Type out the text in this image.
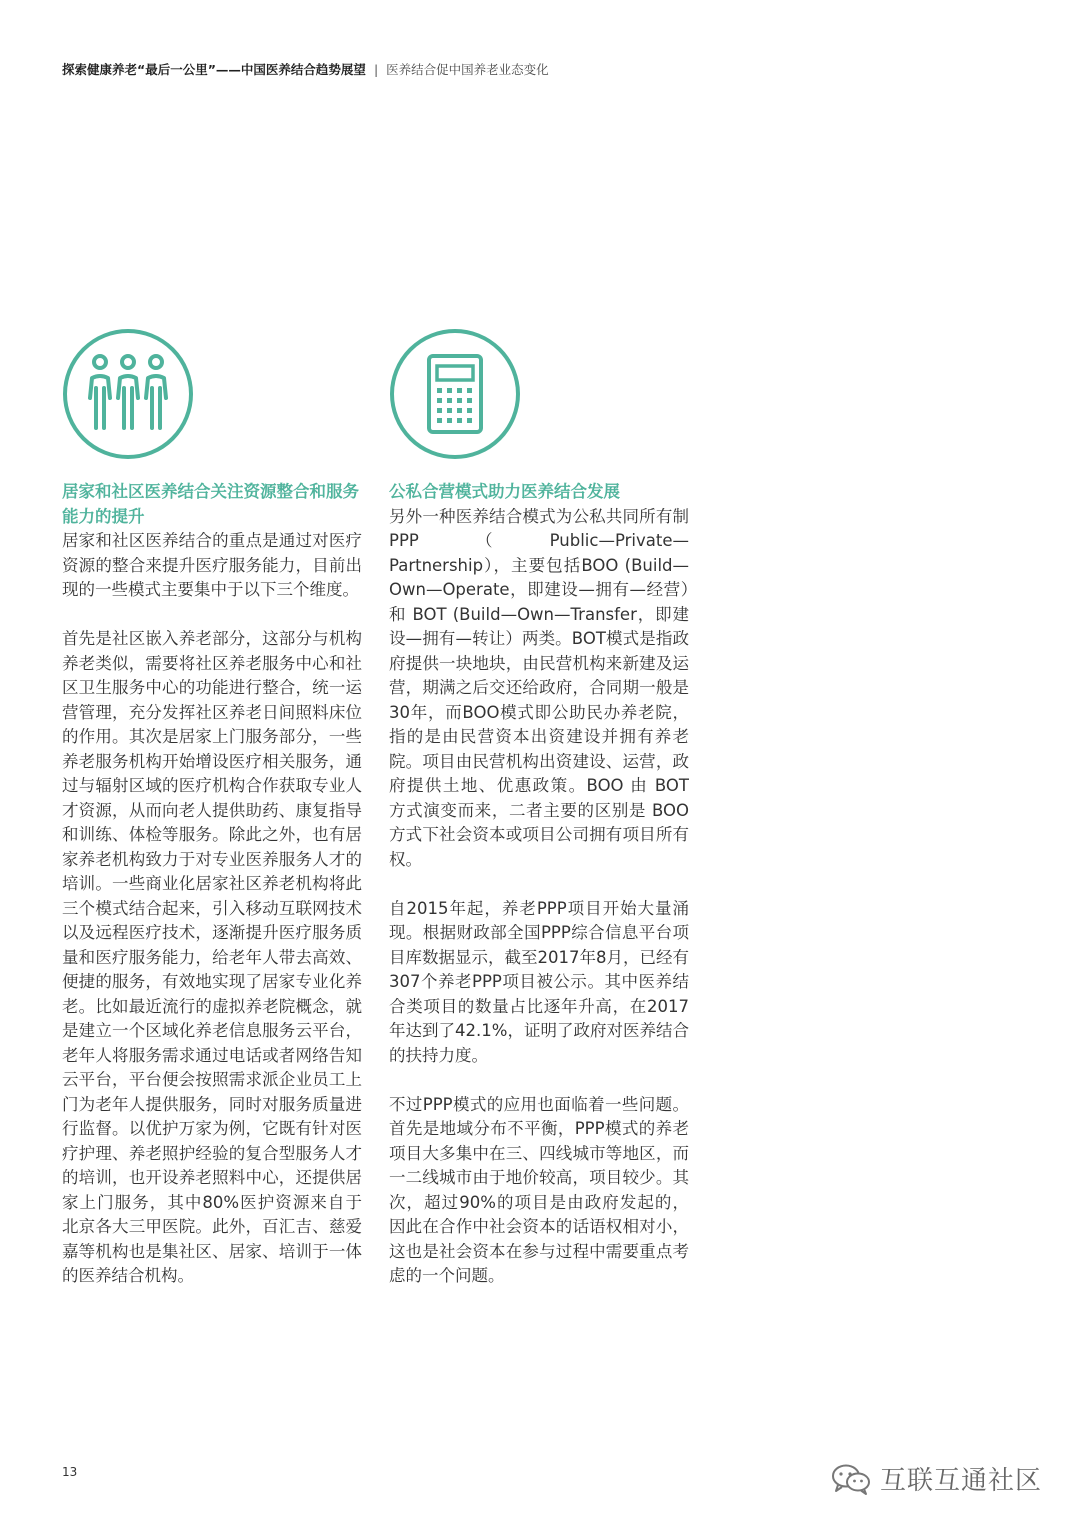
探索健康养老“最后一公里”——中国医养结合趋势展望 | 医养结合促中国养老业态变化
居家和社区医养结合关注资源整合和服务能力的提升

居家和社区医养结合的重点是通过对医疗资源的整合来提升医疗服务能力，目前出现的一些模式主要集中于以下三个维度。

首先是社区嵌入养老部分，这部分与机构养老类似，需要将社区养老服务中心和社区卫生服务中心的功能进行整合，统一运营管理，充分发挥社区养老日间照料床位的作用。其次是居家上门服务部分，一些养老服务机构开始增设医疗相关服务，通过与辐射区域的医疗机构合作获取专业人才资源，从而向老人提供助药、康复指导和训练、体检等服务。除此之外，也有居家养老机构致力于对专业医养服务人才的培训。一些商业化居家社区养老机构将此三个模式结合起来，引入移动互联网技术以及远程医疗技术，逐渐提升医疗服务质量和医疗服务能力，给老年人带去高效、便捷的服务，有效地实现了居家专业化养老。比如最近流行的虚拟养老院概念，就是建立一个区域化养老信息服务云平台，老年人将服务需求通过电话或者网络告知云平台，平台便会按照需求派企业员工上门为老年人提供服务，同时对服务质量进行监督。以优护万家为例，它既有针对医疗护理、养老照护经验的复合型服务人才的培训，也开设养老照料中心，还提供居家上门服务，其中80%医护资源来自于北京各大三甲医院。此外，百汇吉、慈爱嘉等机构也是集社区、居家、培训于一体的医养结合机构。

公私合营模式助力医养结合发展

另外一种医养结合模式为公私共同所有制PPP（Public—Private—Partnership），主要包括BOO (Build—Own—Operate，即建设—拥有—经营）和 BOT (Build—Own—Transfer，即建设—拥有—转让）两类。BOT模式是指政府提供一块地块，由民营机构来新建及运营，期满之后交还给政府，合同期一般是30年，而BOO模式即公助民办养老院，指的是由民营资本出资建设并拥有养老院。项目由民营机构出资建设、运营，政府提供土地、优惠政策。BOO 由 BOT 方式演变而来，二者主要的区别是 BOO 方式下社会资本或项目公司拥有项目所有权。

自2015年起，养老PPP项目开始大量涌现。根据财政部全国PPP综合信息平台项目库数据显示，截至2017年8月，已经有307个养老PPP项目被公示。其中医养结合类项目的数量占比逐年升高，在2017年达到了42.1%，证明了政府对医养结合的扶持力度。

不过PPP模式的应用也面临着一些问题。首先是地域分布不平衡，PPP模式的养老项目大多集中在三、四线城市等地区，而一二线城市由于地价较高，项目较少。其次，超过90%的项目是由政府发起的，因此在合作中社会资本的话语权相对小，这也是社会资本在参与过程中需要重点考虑的一个问题。

13	互联互通社区
